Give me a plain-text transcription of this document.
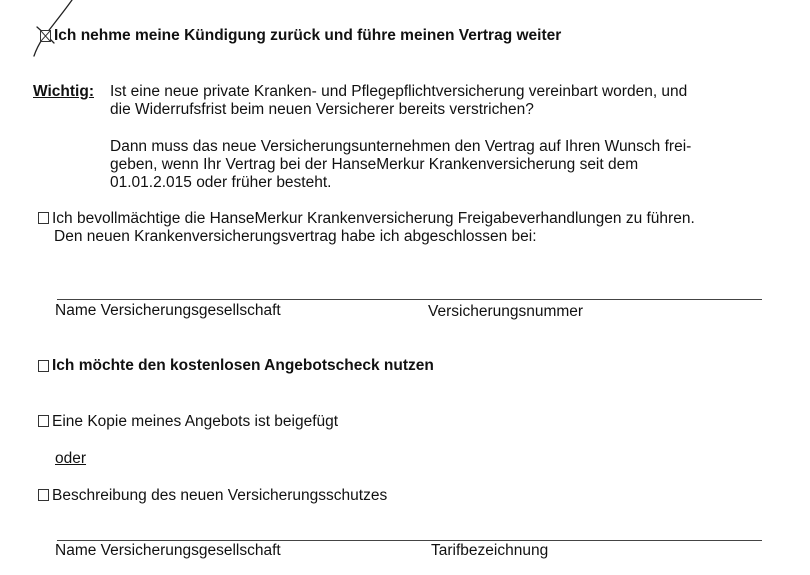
Ich nehme meine Kündigung zurück und führe meinen Vertrag weiter
Wichtig: Ist eine neue private Kranken- und Pflegepflichtversicherung vereinbart worden, und
die Widerrufsfrist beim neuen Versicherer bereits verstrichen?
Dann muss das neue Versicherungsunternehmen den Vertrag auf Ihren Wunsch frei-
geben, wenn Ihr Vertrag bei der HanseMerkur Krankenversicherung seit dem
01.01.2.015 oder früher besteht.
Ich bevollmächtige die HanseMerkur Krankenversicherung Freigabeverhandlungen zu führen.
Den neuen Krankenversicherungsvertrag habe ich abgeschlossen bei:
Name Versicherungsgesellschaft	Versicherungsnummer
Ich möchte den kostenlosen Angebotscheck nutzen
Eine Kopie meines Angebots ist beigefügt
oder
Beschreibung des neuen Versicherungsschutzes
Name Versicherungsgesellschaft	Tarifbezeichnung
